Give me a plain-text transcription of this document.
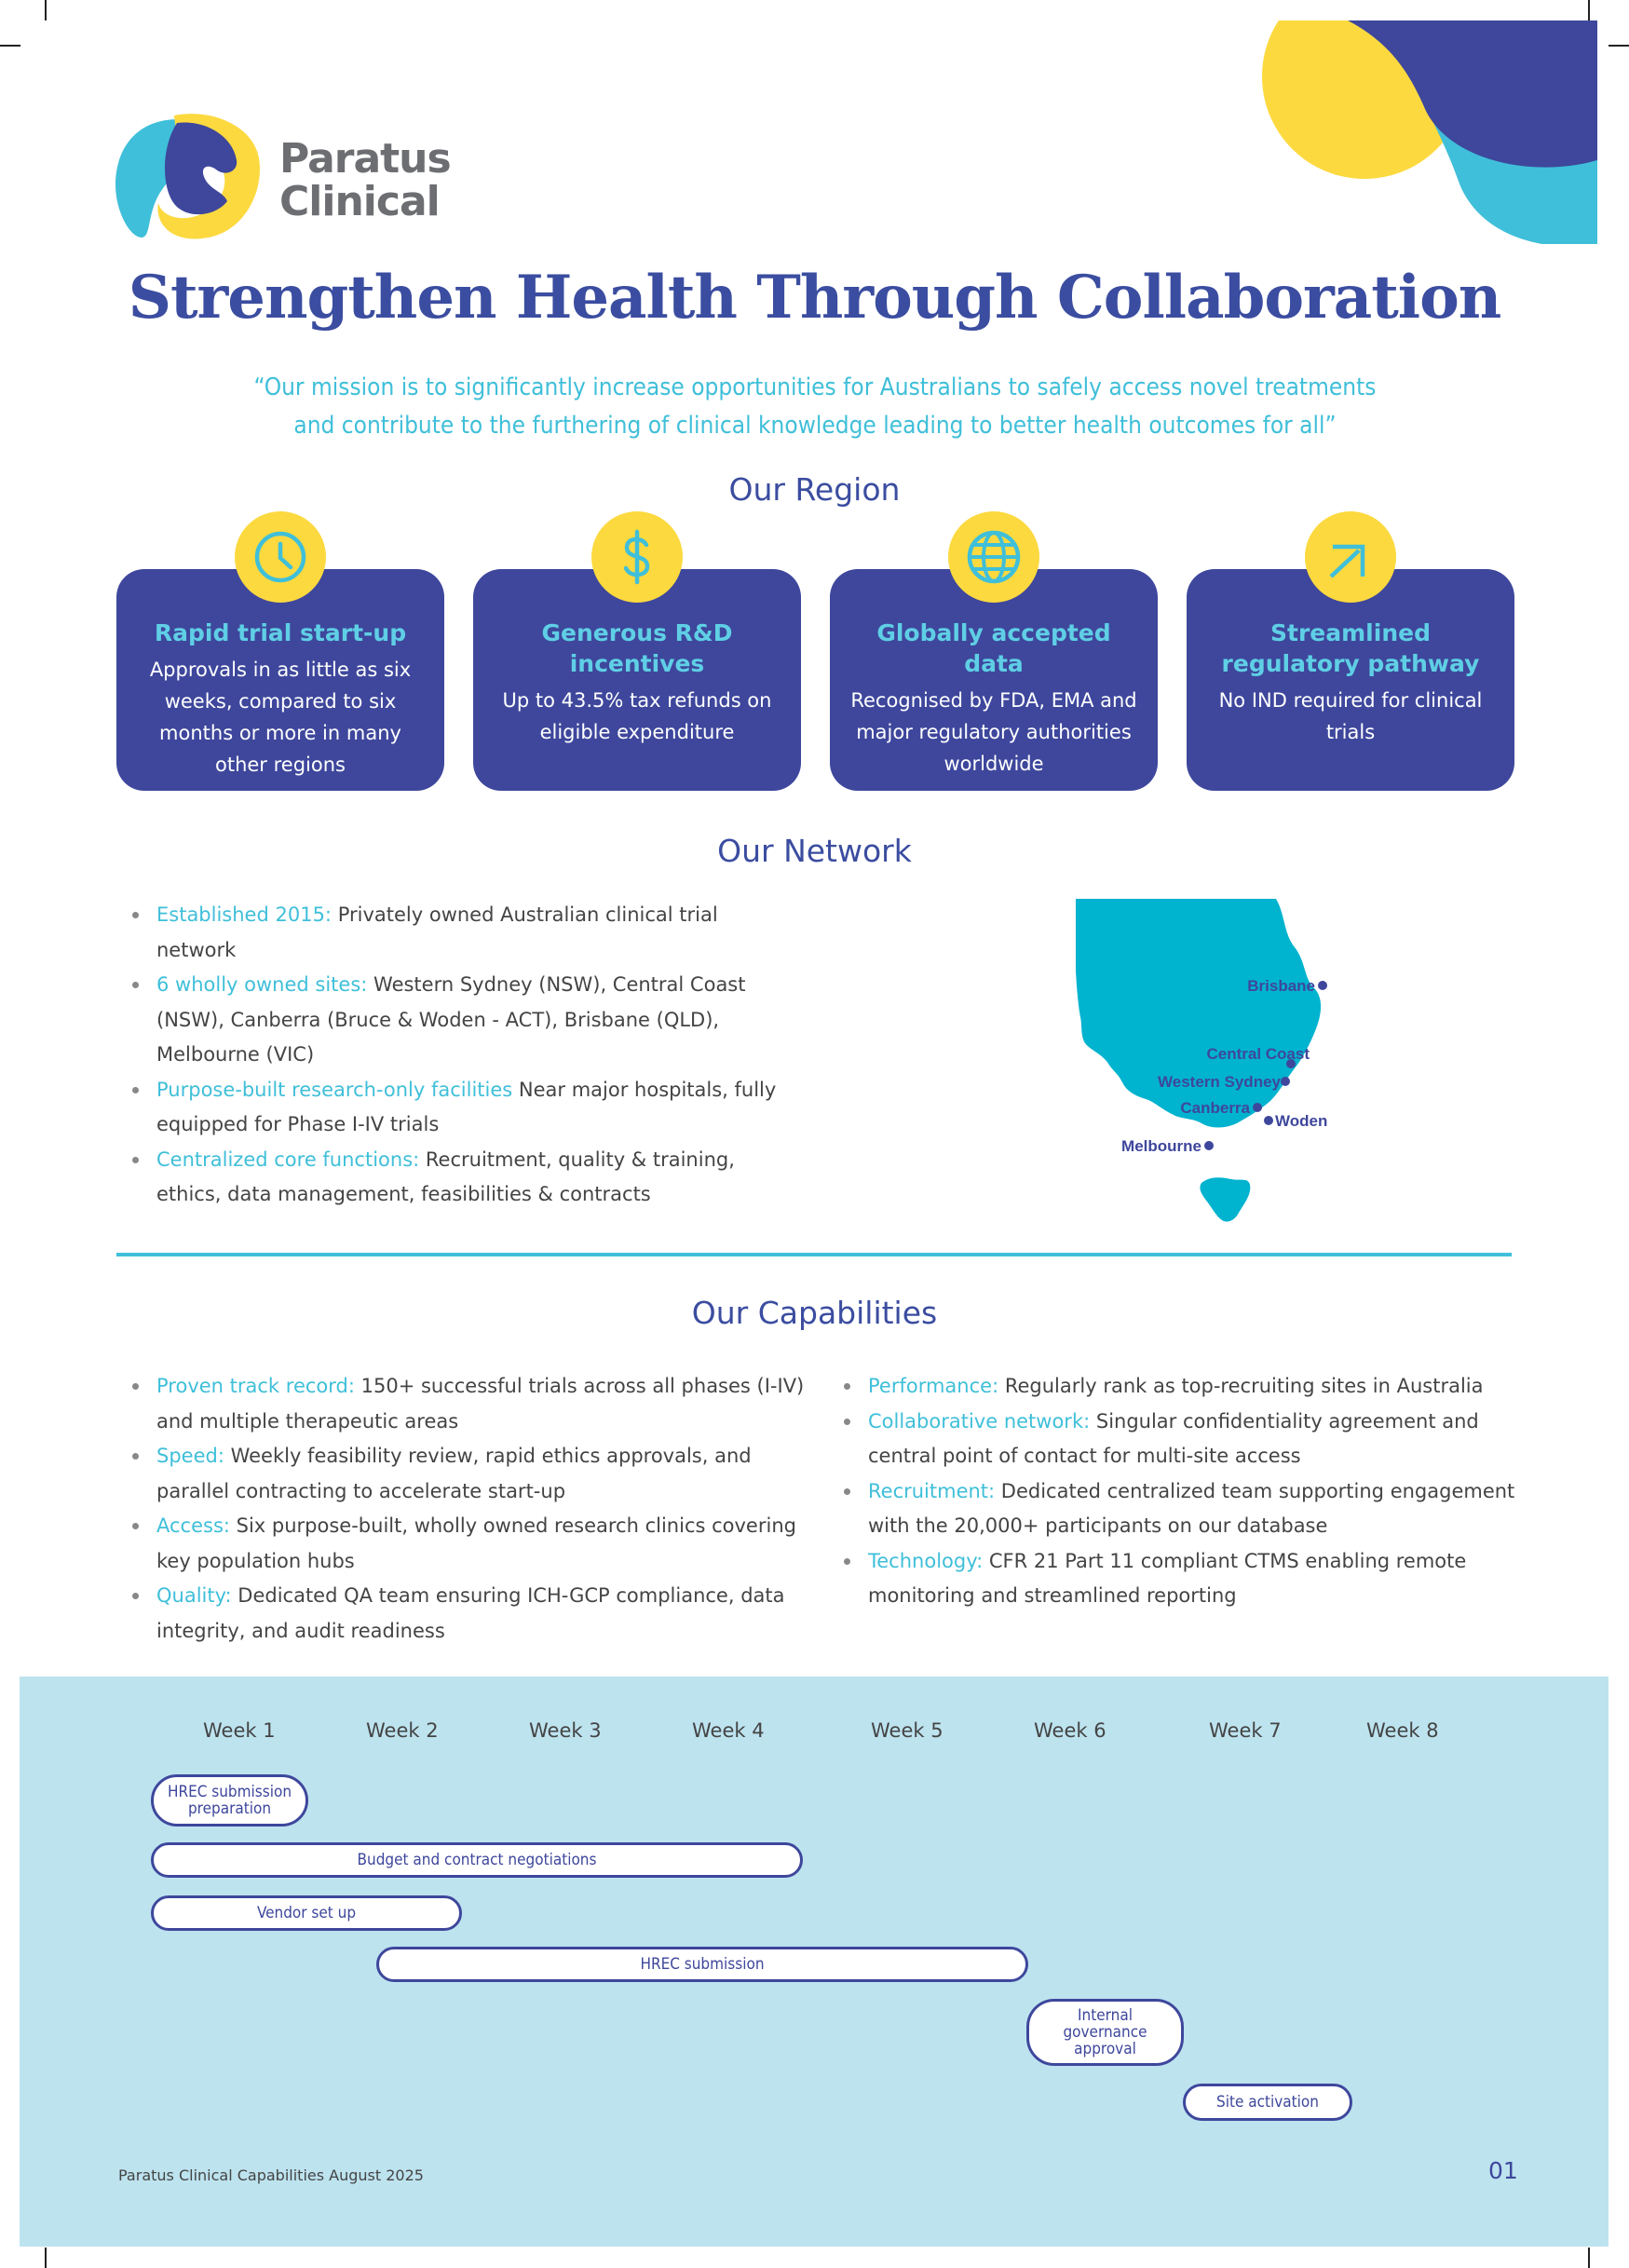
Paratus
Clinical
Strengthen Health Through Collaboration
“Our mission is to significantly increase opportunities for Australians to safely access novel treatments
and contribute to the furthering of clinical knowledge leading to better health outcomes for all”
Our Region
Rapid trial start-up
Approvals in as little as six weeks, compared to six months or more in many other regions
Generous R&D incentives
Up to 43.5% tax refunds on eligible expenditure
Globally accepted data
Recognised by FDA, EMA and major regulatory authorities worldwide
Streamlined regulatory pathway
No IND required for clinical trials
Our Network
Established 2015: Privately owned Australian clinical trial network
6 wholly owned sites: Western Sydney (NSW), Central Coast (NSW), Canberra (Bruce & Woden - ACT), Brisbane (QLD), Melbourne (VIC)
Purpose-built research-only facilities Near major hospitals, fully equipped for Phase I-IV trials
Centralized core functions: Recruitment, quality & training, ethics, data management, feasibilities & contracts
Brisbane
Central Coast
Western Sydney
Canberra
Woden
Melbourne
Our Capabilities
Proven track record: 150+ successful trials across all phases (I-IV) and multiple therapeutic areas
Speed: Weekly feasibility review, rapid ethics approvals, and parallel contracting to accelerate start-up
Access: Six purpose-built, wholly owned research clinics covering key population hubs
Quality: Dedicated QA team ensuring ICH-GCP compliance, data integrity, and audit readiness
Performance: Regularly rank as top-recruiting sites in Australia
Collaborative network: Singular confidentiality agreement and central point of contact for multi-site access
Recruitment: Dedicated centralized team supporting engagement with the 20,000+ participants on our database
Technology: CFR 21 Part 11 compliant CTMS enabling remote monitoring and streamlined reporting
Week 1	Week 2	Week 3	Week 4	Week 5	Week 6	Week 7	Week 8
HREC submission preparation
Budget and contract negotiations
Vendor set up
HREC submission
Internal governance approval
Site activation
Paratus Clinical Capabilities August 2025	01
